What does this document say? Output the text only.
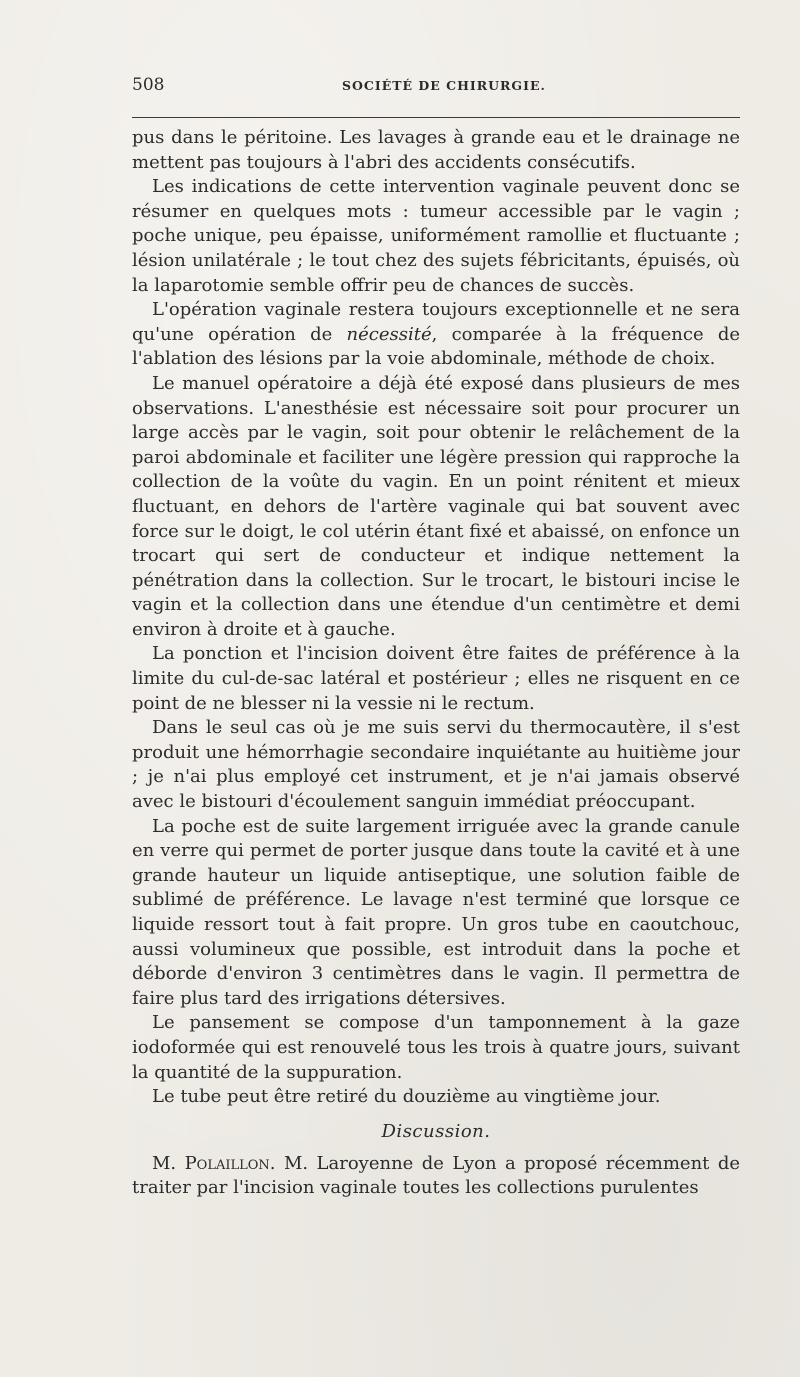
508	SOCIÉTÉ DE CHIRURGIE.

pus dans le péritoine. Les lavages à grande eau et le drainage ne mettent pas toujours à l'abri des accidents consécutifs.

Les indications de cette intervention vaginale peuvent donc se résumer en quelques mots : tumeur accessible par le vagin ; poche unique, peu épaisse, uniformément ramollie et fluctuante ; lésion unilatérale ; le tout chez des sujets fébricitants, épuisés, où la laparotomie semble offrir peu de chances de succès.

L'opération vaginale restera toujours exceptionnelle et ne sera qu'une opération de nécessité, comparée à la fréquence de l'ablation des lésions par la voie abdominale, méthode de choix.

Le manuel opératoire a déjà été exposé dans plusieurs de mes observations. L'anesthésie est nécessaire soit pour procurer un large accès par le vagin, soit pour obtenir le relâchement de la paroi abdominale et faciliter une légère pression qui rapproche la collection de la voûte du vagin. En un point rénitent et mieux fluctuant, en dehors de l'artère vaginale qui bat souvent avec force sur le doigt, le col utérin étant fixé et abaissé, on enfonce un trocart qui sert de conducteur et indique nettement la pénétration dans la collection. Sur le trocart, le bistouri incise le vagin et la collection dans une étendue d'un centimètre et demi environ à droite et à gauche.

La ponction et l'incision doivent être faites de préférence à la limite du cul-de-sac latéral et postérieur ; elles ne risquent en ce point de ne blesser ni la vessie ni le rectum.

Dans le seul cas où je me suis servi du thermocautère, il s'est produit une hémorrhagie secondaire inquiétante au huitième jour ; je n'ai plus employé cet instrument, et je n'ai jamais observé avec le bistouri d'écoulement sanguin immédiat préoccupant.

La poche est de suite largement irriguée avec la grande canule en verre qui permet de porter jusque dans toute la cavité et à une grande hauteur un liquide antiseptique, une solution faible de sublimé de préférence. Le lavage n'est terminé que lorsque ce liquide ressort tout à fait propre. Un gros tube en caoutchouc, aussi volumineux que possible, est introduit dans la poche et déborde d'environ 3 centimètres dans le vagin. Il permettra de faire plus tard des irrigations détersives.

Le pansement se compose d'un tamponnement à la gaze iodoformée qui est renouvelé tous les trois à quatre jours, suivant la quantité de la suppuration.

Le tube peut être retiré du douzième au vingtième jour.

Discussion.

M. Polaillon. M. Laroyenne de Lyon a proposé récemment de traiter par l'incision vaginale toutes les collections purulentes
